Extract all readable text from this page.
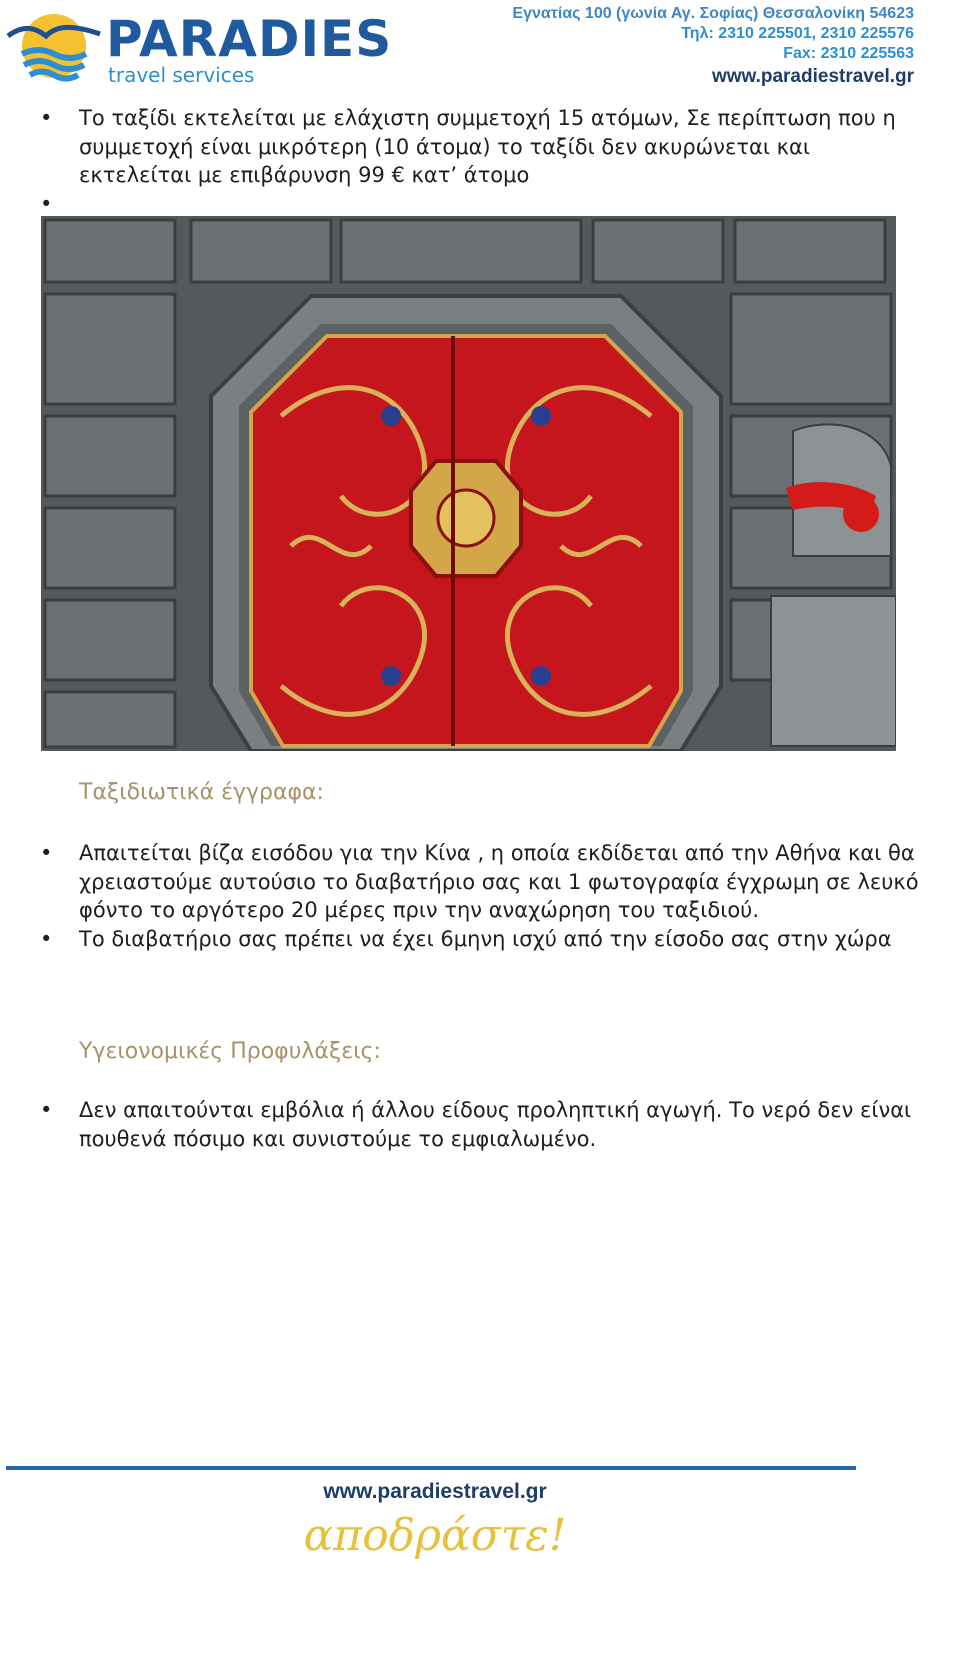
PARADIES
travel services
Εγνατίας 100 (γωνία Αγ. Σοφίας) Θεσσαλονίκη 54623
Τηλ: 2310 225501, 2310 225576
Fax: 2310 225563
www.paradiestravel.gr
• Το ταξίδι εκτελείται με ελάχιστη συμμετοχή 15 ατόμων, Σε περίπτωση που η συμμετοχή είναι μικρότερη (10 άτομα) το ταξίδι δεν ακυρώνεται και εκτελείται με επιβάρυνση 99 € κατ’ άτομο
•
Ταξιδιωτικά έγγραφα:
• Απαιτείται βίζα εισόδου για την Κίνα , η οποία εκδίδεται από την Αθήνα και θα χρειαστούμε αυτούσιο το διαβατήριο σας και 1 φωτογραφία έγχρωμη σε λευκό φόντο το αργότερο 20 μέρες πριν την αναχώρηση του ταξιδιού.
• Το διαβατήριο σας πρέπει να έχει 6μηνη ισχύ από την είσοδο σας στην χώρα
Υγειονομικές Προφυλάξεις:
• Δεν απαιτούνται εμβόλια ή άλλου είδους προληπτική αγωγή. Το νερό δεν είναι πουθενά πόσιμο και συνιστούμε το εμφιαλωμένο.
www.paradiestravel.gr
αποδράστε!
